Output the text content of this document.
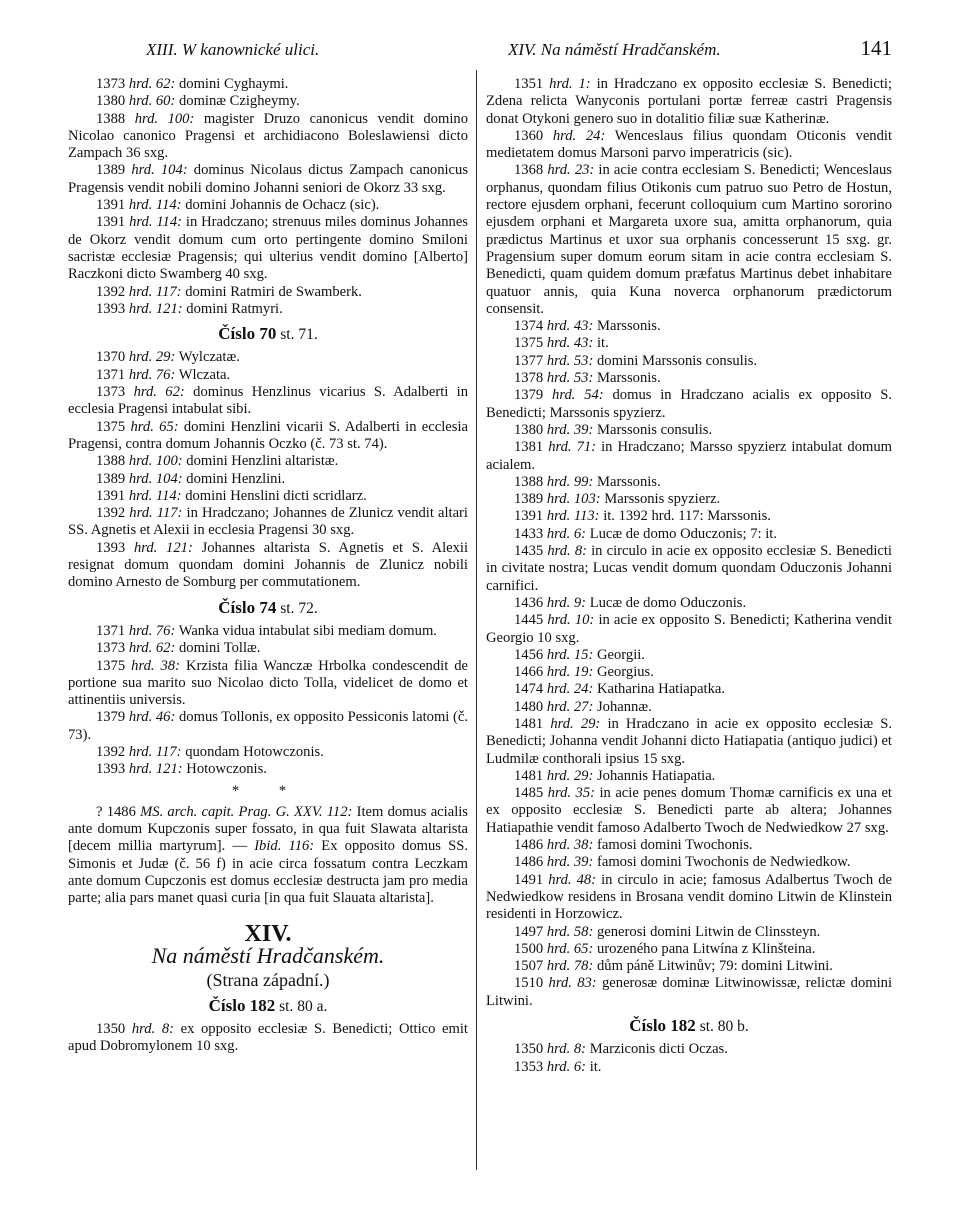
XIII. W kanownické ulici.	XIV. Na náměstí Hradčanském.	141

1373 hrd. 62: domini Cyghaymi.

1380 hrd. 60: dominæ Czigheymy.

1388 hrd. 100: magister Druzo canonicus vendit domino Nicolao canonico Pragensi et archidiacono Boleslawiensi dicto Zampach 36 sxg.

1389 hrd. 104: dominus Nicolaus dictus Zampach canonicus Pragensis vendit nobili domino Johanni seniori de Okorz 33 sxg.

1391 hrd. 114: domini Johannis de Ochacz (sic).

1391 hrd. 114: in Hradczano; strenuus miles dominus Johannes de Okorz vendit domum cum orto pertingente domino Smiloni sacristæ ecclesiæ Pragensis; qui ulterius vendit domino [Alberto] Raczkoni dicto Swamberg 40 sxg.

1392 hrd. 117: domini Ratmiri de Swamberk.

1393 hrd. 121: domini Ratmyri.

Číslo 70 st. 71.

1370 hrd. 29: Wylczatæ.

1371 hrd. 76: Wlczata.

1373 hrd. 62: dominus Henzlinus vicarius S. Adalberti in ecclesia Pragensi intabulat sibi.

1375 hrd. 65: domini Henzlini vicarii S. Adalberti in ecclesia Pragensi, contra domum Johannis Oczko (č. 73 st. 74).

1388 hrd. 100: domini Henzlini altaristæ.

1389 hrd. 104: domini Henzlini.

1391 hrd. 114: domini Henslini dicti scridlarz.

1392 hrd. 117: in Hradczano; Johannes de Zlunicz vendit altari SS. Agnetis et Alexii in ecclesia Pragensi 30 sxg.

1393 hrd. 121: Johannes altarista S. Agnetis et S. Alexii resignat domum quondam domini Johannis de Zlunicz nobili domino Arnesto de Somburg per commutationem.

Číslo 74 st. 72.

1371 hrd. 76: Wanka vidua intabulat sibi mediam domum.

1373 hrd. 62: domini Tollæ.

1375 hrd. 38: Krzista filia Wanczæ Hrbolka condescendit de portione sua marito suo Nicolao dicto Tolla, videlicet de domo et attinentiis universis.

1379 hrd. 46: domus Tollonis, ex opposito Pessiconis latomi (č. 73).

1392 hrd. 117: quondam Hotowczonis.

1393 hrd. 121: Hotowczonis.

* *

? 1486 MS. arch. capit. Prag. G. XXV. 112: Item domus acialis ante domum Kupczonis super fossato, in qua fuit Slawata altarista [decem millia martyrum]. — Ibid. 116: Ex opposito domus SS. Simonis et Judæ (č. 56 f) in acie circa fossatum contra Leczkam ante domum Cupczonis est domus ecclesiæ destructa jam pro media parte; alia pars manet quasi curia [in qua fuit Slauata altarista].

XIV.
Na náměstí Hradčanském.
(Strana západní.)
Číslo 182 st. 80 a.

1350 hrd. 8: ex opposito ecclesiæ S. Benedicti; Ottico emit apud Dobromylonem 10 sxg.

1351 hrd. 1: in Hradczano ex opposito ecclesiæ S. Benedicti; Zdena relicta Wanyconis portulani portæ ferreæ castri Pragensis donat Otykoni genero suo in dotalitio filiæ suæ Katherinæ.

1360 hrd. 24: Wenceslaus filius quondam Oticonis vendit medietatem domus Marsoni parvo imperatricis (sic).

1368 hrd. 23: in acie contra ecclesiam S. Benedicti; Wenceslaus orphanus, quondam filius Otikonis cum patruo suo Petro de Hostun, rectore ejusdem orphani, fecerunt colloquium cum Martino sororino ejusdem orphani et Margareta uxore sua, amitta orphanorum, quia prædictus Martinus et uxor sua orphanis concesserunt 15 sxg. gr. Pragensium super domum eorum sitam in acie contra ecclesiam S. Benedicti, quam quidem domum præfatus Martinus debet inhabitare quatuor annis, quia Kuna noverca orphanorum prædictorum consensit.

1374 hrd. 43: Marssonis.

1375 hrd. 43: it.

1377 hrd. 53: domini Marssonis consulis.

1378 hrd. 53: Marssonis.

1379 hrd. 54: domus in Hradczano acialis ex opposito S. Benedicti; Marssonis spyzierz.

1380 hrd. 39: Marssonis consulis.

1381 hrd. 71: in Hradczano; Marsso spyzierz intabulat domum acialem.

1388 hrd. 99: Marssonis.

1389 hrd. 103: Marssonis spyzierz.

1391 hrd. 113: it. 1392 hrd. 117: Marssonis.

1433 hrd. 6: Lucæ de domo Oduczonis; 7: it.

1435 hrd. 8: in circulo in acie ex opposito ecclesiæ S. Benedicti in civitate nostra; Lucas vendit domum quondam Oduczonis Johanni carnifici.

1436 hrd. 9: Lucæ de domo Oduczonis.

1445 hrd. 10: in acie ex opposito S. Benedicti; Katherina vendit Georgio 10 sxg.

1456 hrd. 15: Georgii.

1466 hrd. 19: Georgius.

1474 hrd. 24: Katharina Hatiapatka.

1480 hrd. 27: Johannæ.

1481 hrd. 29: in Hradczano in acie ex opposito ecclesiæ S. Benedicti; Johanna vendit Johanni dicto Hatiapatia (antiquo judici) et Ludmilæ conthorali ipsius 15 sxg.

1481 hrd. 29: Johannis Hatiapatia.

1485 hrd. 35: in acie penes domum Thomæ carnificis ex una et ex opposito ecclesiæ S. Benedicti parte ab altera; Johannes Hatiapathie vendit famoso Adalberto Twoch de Nedwiedkow 27 sxg.

1486 hrd. 38: famosi domini Twochonis.

1486 hrd. 39: famosi domini Twochonis de Nedwiedkow.

1491 hrd. 48: in circulo in acie; famosus Adalbertus Twoch de Nedwiedkow residens in Brosana vendit domino Litwin de Klinstein residenti in Horzowicz.

1497 hrd. 58: generosi domini Litwin de Clinssteyn.

1500 hrd. 65: urozeného pana Litwína z Klinšteina.

1507 hrd. 78: dům páně Litwinův; 79: domini Litwini.

1510 hrd. 83: generosæ dominæ Litwinowissæ, relictæ domini Litwini.

Číslo 182 st. 80 b.

1350 hrd. 8: Marziconis dicti Oczas.

1353 hrd. 6: it.
